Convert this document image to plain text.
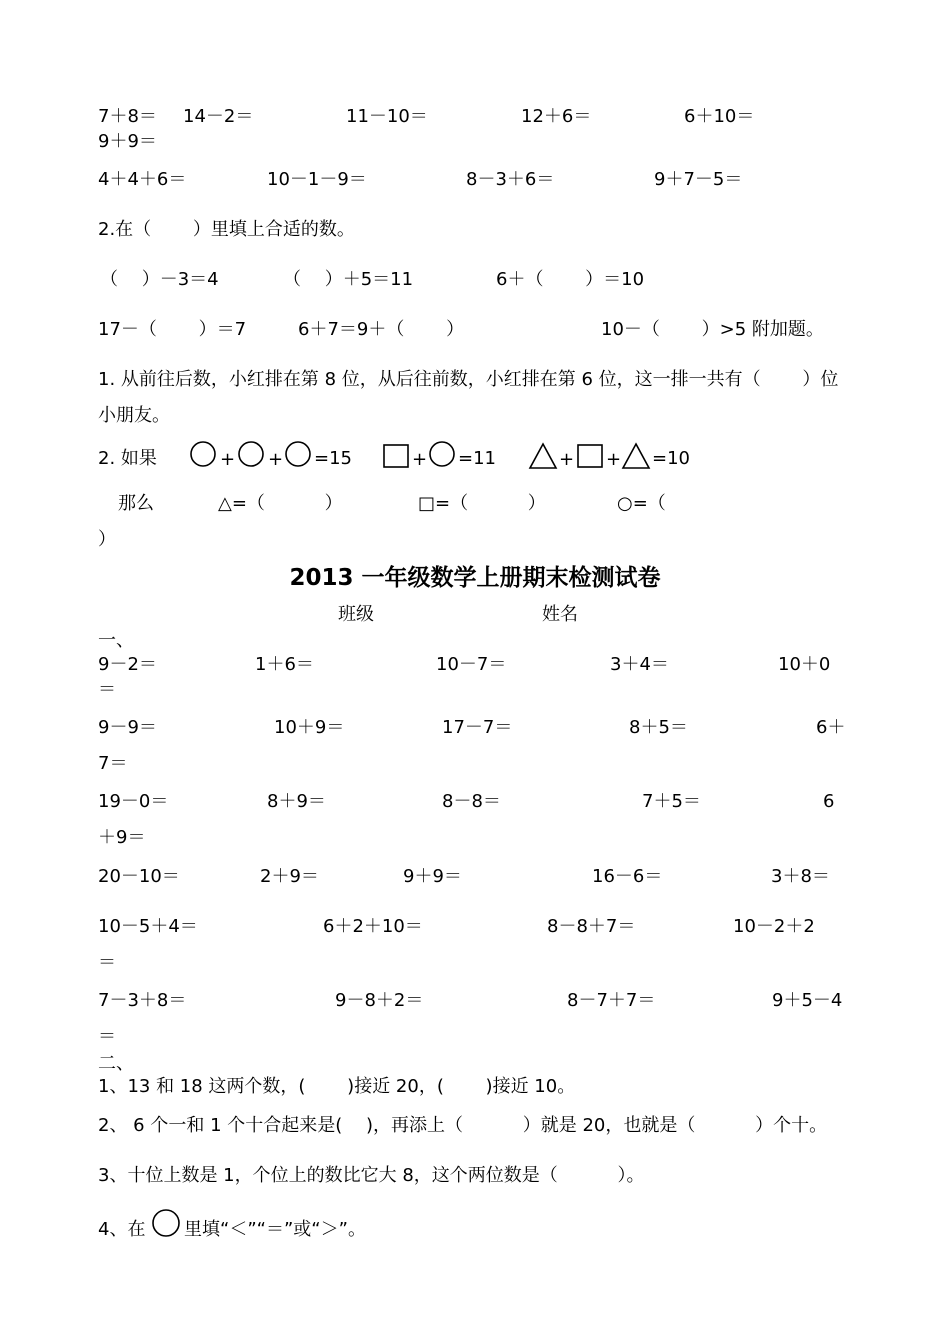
7＋8＝ 14－2＝	11－10＝	12＋6＝	6＋10＝
9＋9＝
4＋4＋6＝	10－1－9＝	8－3＋6＝	9＋7－5＝
2.在（　　 ）里填上合适的数。
（　 ）－3＝4	（　 ）＋5＝11	6＋（　　 ）＝10
17－（　　 ）＝7	6＋7＝9＋（　　 ）	10－（　　 ）>5 附加题。
1. 从前往后数，小红排在第 8 位，从后往前数，小红排在第 6 位，这一排一共有（　　 ）位
小朋友。
2. 如果	+ + =15	+ =11	+ + =10
那么	△=（　　　 ）	□=（　　　 ）	○=（
）
2013 一年级数学上册期末检测试卷
班级	姓名
一、
9－2＝	1＋6＝	10－7＝	3＋4＝	10＋0
＝
9－9＝	10＋9＝	17－7＝	8＋5＝	6＋
7＝
19－0＝	8＋9＝	8－8＝	7＋5＝	6
＋9＝
20－10＝	2＋9＝	9＋9＝	16－6＝	3＋8＝
10－5＋4＝	6＋2＋10＝	8－8＋7＝	10－2＋2
＝
7－3＋8＝	9－8＋2＝	8－7＋7＝	9＋5－4
＝
二、
1、13 和 18 这两个数，(　　 )接近 20，(　　 )接近 10。
2、 6 个一和 1 个十合起来是(　 )，再添上（　　　 ）就是 20，也就是（　　　 ）个十。
3、十位上数是 1，个位上的数比它大 8，这个两位数是（　　　 ）。
4、在 里填“＜”“＝”或“＞”。
